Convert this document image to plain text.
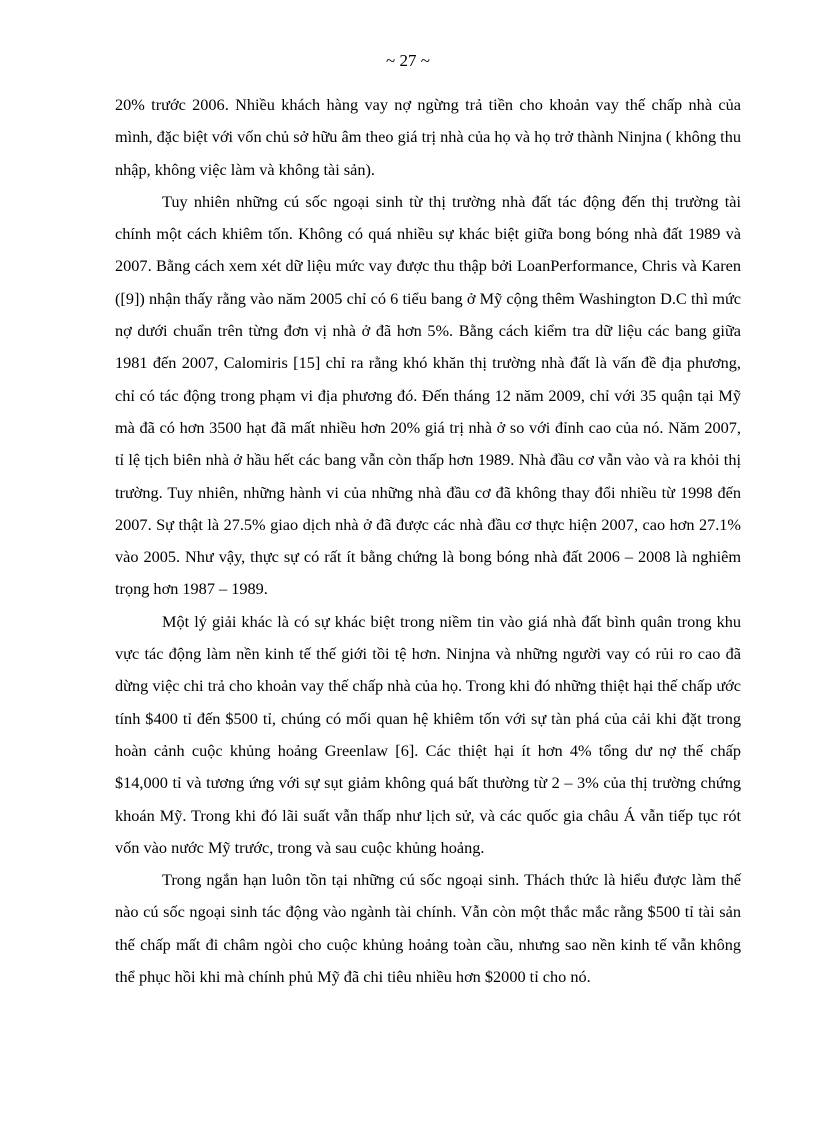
~ 27 ~

20% trước 2006. Nhiều khách hàng vay nợ ngừng trả tiền cho khoản vay thế chấp nhà của mình, đặc biệt với vốn chủ sở hữu âm theo giá trị nhà của họ và họ trở thành Ninjna ( không thu nhập, không việc làm và không tài sản).

Tuy nhiên những cú sốc ngoại sinh từ thị trường nhà đất tác động đến thị trường tài chính một cách khiêm tốn. Không có quá nhiều sự khác biệt giữa bong bóng nhà đất 1989 và 2007. Bằng cách xem xét dữ liệu mức vay được thu thập bởi LoanPerformance, Chris và Karen ([9]) nhận thấy rằng vào năm 2005 chỉ có 6 tiểu bang ở Mỹ cộng thêm Washington D.C thì mức nợ dưới chuẩn trên từng đơn vị nhà ở đã hơn 5%. Bằng cách kiểm tra dữ liệu các bang giữa 1981 đến 2007, Calomiris [15] chỉ ra rằng khó khăn thị trường nhà đất là vấn đề địa phương, chỉ có tác động trong phạm vi địa phương đó. Đến tháng 12 năm 2009, chỉ với 35 quận tại Mỹ mà đã có hơn 3500 hạt đã mất nhiều hơn 20% giá trị nhà ở so với đỉnh cao của nó. Năm 2007, tỉ lệ tịch biên nhà ở hầu hết các bang vẫn còn thấp hơn 1989. Nhà đầu cơ vẫn vào và ra khỏi thị trường. Tuy nhiên, những hành vi của những nhà đầu cơ đã không thay đổi nhiều từ 1998 đến 2007. Sự thật là 27.5% giao dịch nhà ở đã được các nhà đầu cơ thực hiện 2007, cao hơn 27.1% vào 2005. Như vậy, thực sự có rất ít bằng chứng là bong bóng nhà đất 2006 – 2008 là nghiêm trọng hơn 1987 – 1989.

Một lý giải khác là có sự khác biệt trong niềm tin vào giá nhà đất bình quân trong khu vực tác động làm nền kinh tế thế giới tồi tệ hơn. Ninjna và những người vay có rủi ro cao đã dừng việc chi trả cho khoản vay thế chấp nhà của họ. Trong khi đó những thiệt hại thế chấp ước tính $400 tỉ đến $500 tỉ, chúng có mối quan hệ khiêm tốn với sự tàn phá của cải khi đặt trong hoàn cảnh cuộc khủng hoảng Greenlaw [6]. Các thiệt hại ít hơn 4% tổng dư nợ thế chấp $14,000 tỉ và tương ứng với sự sụt giảm không quá bất thường từ 2 – 3% của thị trường chứng khoán Mỹ. Trong khi đó lãi suất vẫn thấp như lịch sử, và các quốc gia châu Á vẫn tiếp tục rót vốn vào nước Mỹ trước, trong và sau cuộc khủng hoảng.

Trong ngắn hạn luôn tồn tại những cú sốc ngoại sinh. Thách thức là hiểu được làm thế nào cú sốc ngoại sinh tác động vào ngành tài chính. Vẫn còn một thắc mắc rằng $500 tỉ tài sản thế chấp mất đi châm ngòi cho cuộc khủng hoảng toàn cầu, nhưng sao nền kinh tế vẫn không thể phục hồi khi mà chính phủ Mỹ đã chi tiêu nhiều hơn $2000 tỉ cho nó.
